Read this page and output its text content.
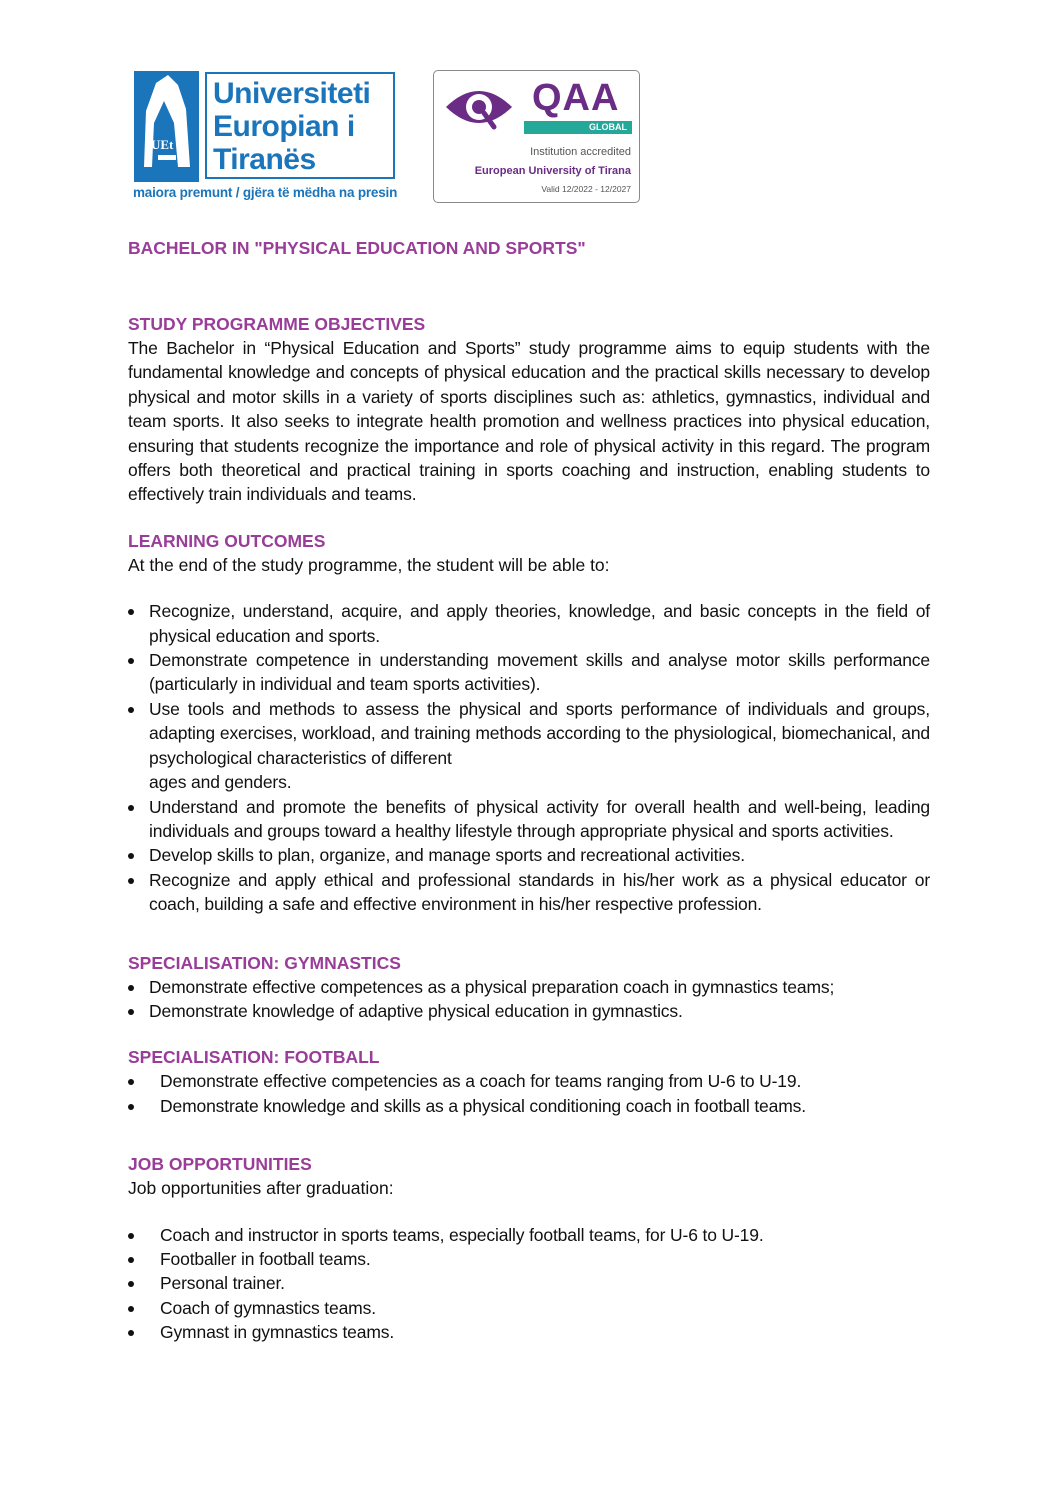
UEt
Universiteti
Europian i
Tiranës
maiora premunt / gjëra të mëdha na presin
QAA
GLOBAL
Institution accredited
European University of Tirana
Valid 12/2022 - 12/2027

BACHELOR IN "PHYSICAL EDUCATION AND SPORTS"

STUDY PROGRAMME OBJECTIVES

The Bachelor in “Physical Education and Sports” study programme aims to equip students with the fundamental knowledge and concepts of physical education and the practical skills necessary to develop physical and motor skills in a variety of sports disciplines such as: athletics, gymnastics, individual and team sports. It also seeks to integrate health promotion and wellness practices into physical education, ensuring that students recognize the importance and role of physical activity in this regard. The program offers both theoretical and practical training in sports coaching and instruction, enabling students to effectively train individuals and teams.

LEARNING OUTCOMES

At the end of the study programme, the student will be able to:

Recognize, understand, acquire, and apply theories, knowledge, and basic concepts in the field of physical education and sports.
Demonstrate competence in understanding movement skills and analyse motor skills performance (particularly in individual and team sports activities).
Use tools and methods to assess the physical and sports performance of individuals and groups, adapting exercises, workload, and training methods according to the physiological, biomechanical, and psychological characteristics of different
ages and genders.
Understand and promote the benefits of physical activity for overall health and well-being, leading individuals and groups toward a healthy lifestyle through appropriate physical and sports activities.
Develop skills to plan, organize, and manage sports and recreational activities.
Recognize and apply ethical and professional standards in his/her work as a physical educator or coach, building a safe and effective environment in his/her respective profession.

SPECIALISATION: GYMNASTICS

Demonstrate effective competences as a physical preparation coach in gymnastics teams;
Demonstrate knowledge of adaptive physical education in gymnastics.

SPECIALISATION: FOOTBALL

Demonstrate effective competencies as a coach for teams ranging from U-6 to U-19.
Demonstrate knowledge and skills as a physical conditioning coach in football teams.

JOB OPPORTUNITIES

Job opportunities after graduation:

Coach and instructor in sports teams, especially football teams, for U-6 to U-19.
Footballer in football teams.
Personal trainer.
Coach of gymnastics teams.
Gymnast in gymnastics teams.
